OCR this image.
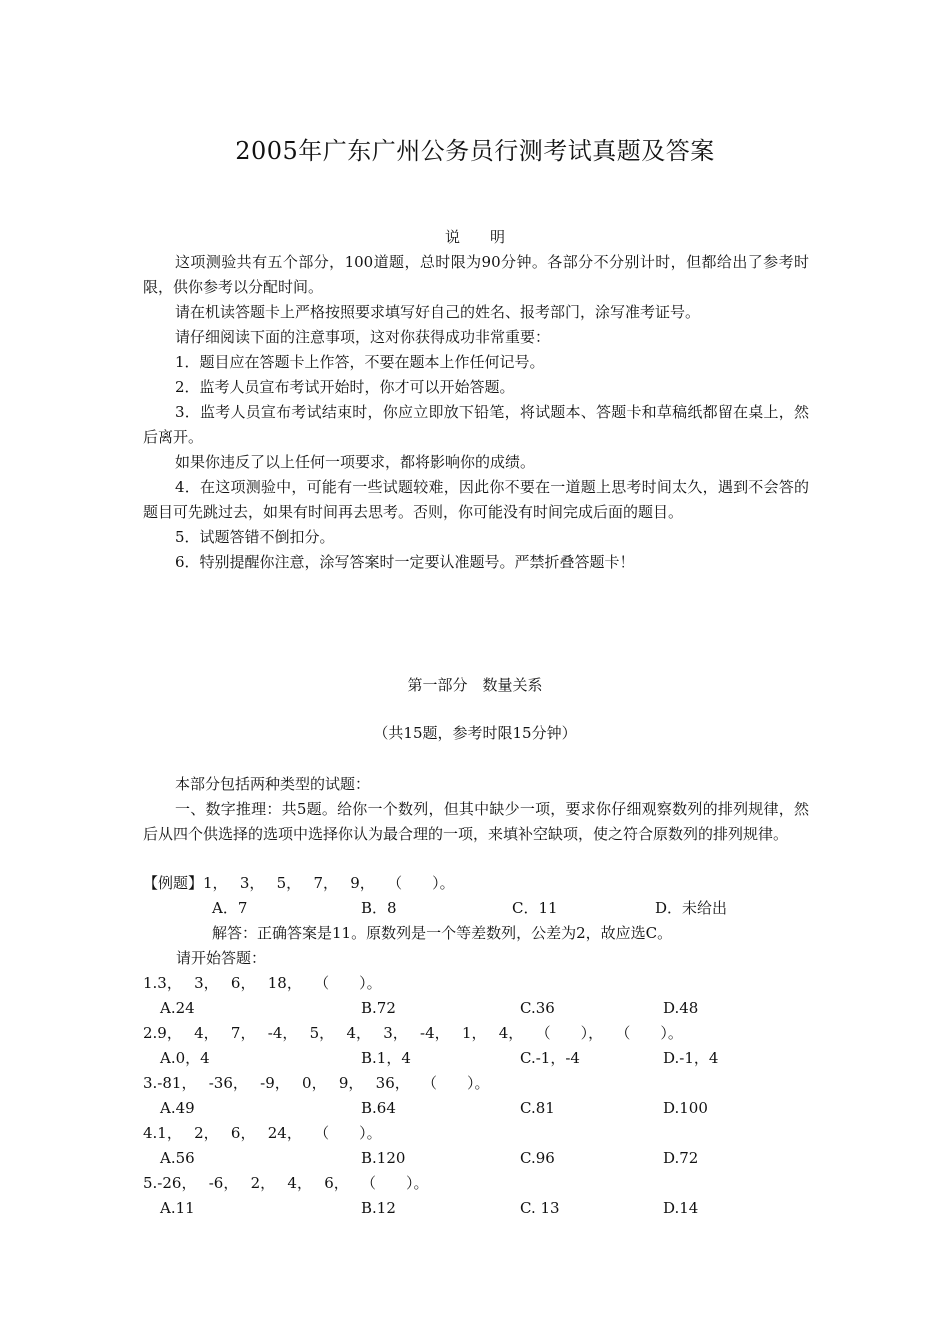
2005年广东广州公务员行测考试真题及答案
说　　明
这项测验共有五个部分，100道题，总时限为90分钟。各部分不分别计时，但都给出了参考时限，供你参考以分配时间。
请在机读答题卡上严格按照要求填写好自己的姓名、报考部门，涂写准考证号。
请仔细阅读下面的注意事项，这对你获得成功非常重要：
1．题目应在答题卡上作答，不要在题本上作任何记号。
2．监考人员宣布考试开始时，你才可以开始答题。
3．监考人员宣布考试结束时，你应立即放下铅笔，将试题本、答题卡和草稿纸都留在桌上，然后离开。
如果你违反了以上任何一项要求，都将影响你的成绩。
4．在这项测验中，可能有一些试题较难，因此你不要在一道题上思考时间太久，遇到不会答的题目可先跳过去，如果有时间再去思考。否则，你可能没有时间完成后面的题目。
5．试题答错不倒扣分。
6．特别提醒你注意，涂写答案时一定要认准题号。严禁折叠答题卡！
第一部分　数量关系
（共15题，参考时限15分钟）
本部分包括两种类型的试题：
一、数字推理：共5题。给你一个数列，但其中缺少一项，要求你仔细观察数列的排列规律，然后从四个供选择的选项中选择你认为最合理的一项，来填补空缺项，使之符合原数列的排列规律。
【例题】1，　 3，　 5，　 7，　 9，　 （　　）。
A．7	B．8	C．11	D．未给出
解答：正确答案是11。原数列是一个等差数列，公差为2，故应选C。
请开始答题：
1.3，　 3，　 6，　 18，　 （　　）。
A.24	B.72	C.36	D.48
2.9，　 4，　 7，　 -4，　 5，　 4，　 3，　 -4，　 1，　 4，　 （　　），　 （　　）。
A.0，4	B.1，4	C.-1，-4	D.-1，4
3.-81，　 -36，　 -9，　 0，　 9，　 36，　 （　　）。
A.49	B.64	C.81	D.100
4.1，　 2，　 6，　 24，　 （　　）。
A.56	B.120	C.96	D.72
5.-26，　 -6，　 2，　 4，　 6，　 （　　）。
A.11	B.12	C. 13	D.14
